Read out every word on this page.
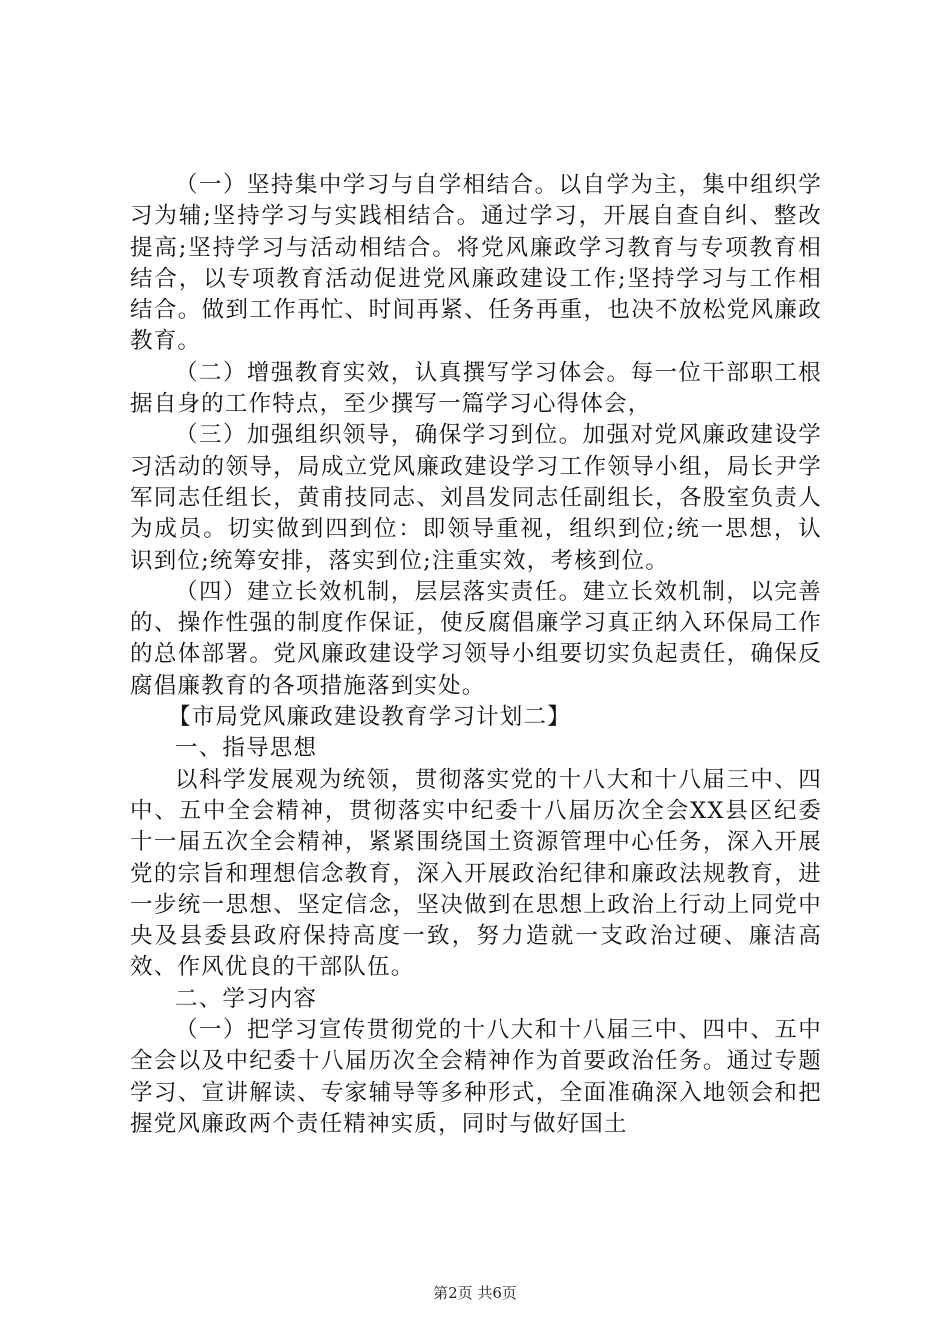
（一）坚持集中学习与自学相结合。以自学为主，集中组织学习为辅;坚持学习与实践相结合。通过学习，开展自查自纠、整改提高;坚持学习与活动相结合。将党风廉政学习教育与专项教育相结合，以专项教育活动促进党风廉政建设工作;坚持学习与工作相结合。做到工作再忙、时间再紧、任务再重，也决不放松党风廉政教育。

（二）增强教育实效，认真撰写学习体会。每一位干部职工根据自身的工作特点，至少撰写一篇学习心得体会，

（三）加强组织领导，确保学习到位。加强对党风廉政建设学习活动的领导，局成立党风廉政建设学习工作领导小组，局长尹学军同志任组长，黄甫技同志、刘昌发同志任副组长，各股室负责人为成员。切实做到四到位：即领导重视，组织到位;统一思想，认识到位;统筹安排，落实到位;注重实效，考核到位。

（四）建立长效机制，层层落实责任。建立长效机制，以完善的、操作性强的制度作保证，使反腐倡廉学习真正纳入环保局工作的总体部署。党风廉政建设学习领导小组要切实负起责任，确保反腐倡廉教育的各项措施落到实处。

【市局党风廉政建设教育学习计划二】

一、指导思想

以科学发展观为统领，贯彻落实党的十八大和十八届三中、四中、五中全会精神，贯彻落实中纪委十八届历次全会XX县区纪委十一届五次全会精神，紧紧围绕国土资源管理中心任务，深入开展党的宗旨和理想信念教育，深入开展政治纪律和廉政法规教育，进一步统一思想、坚定信念，坚决做到在思想上政治上行动上同党中央及县委县政府保持高度一致，努力造就一支政治过硬、廉洁高效、作风优良的干部队伍。

二、学习内容

（一）把学习宣传贯彻党的十八大和十八届三中、四中、五中全会以及中纪委十八届历次全会精神作为首要政治任务。通过专题学习、宣讲解读、专家辅导等多种形式，全面准确深入地领会和把握党风廉政两个责任精神实质，同时与做好国土

第2页 共6页
